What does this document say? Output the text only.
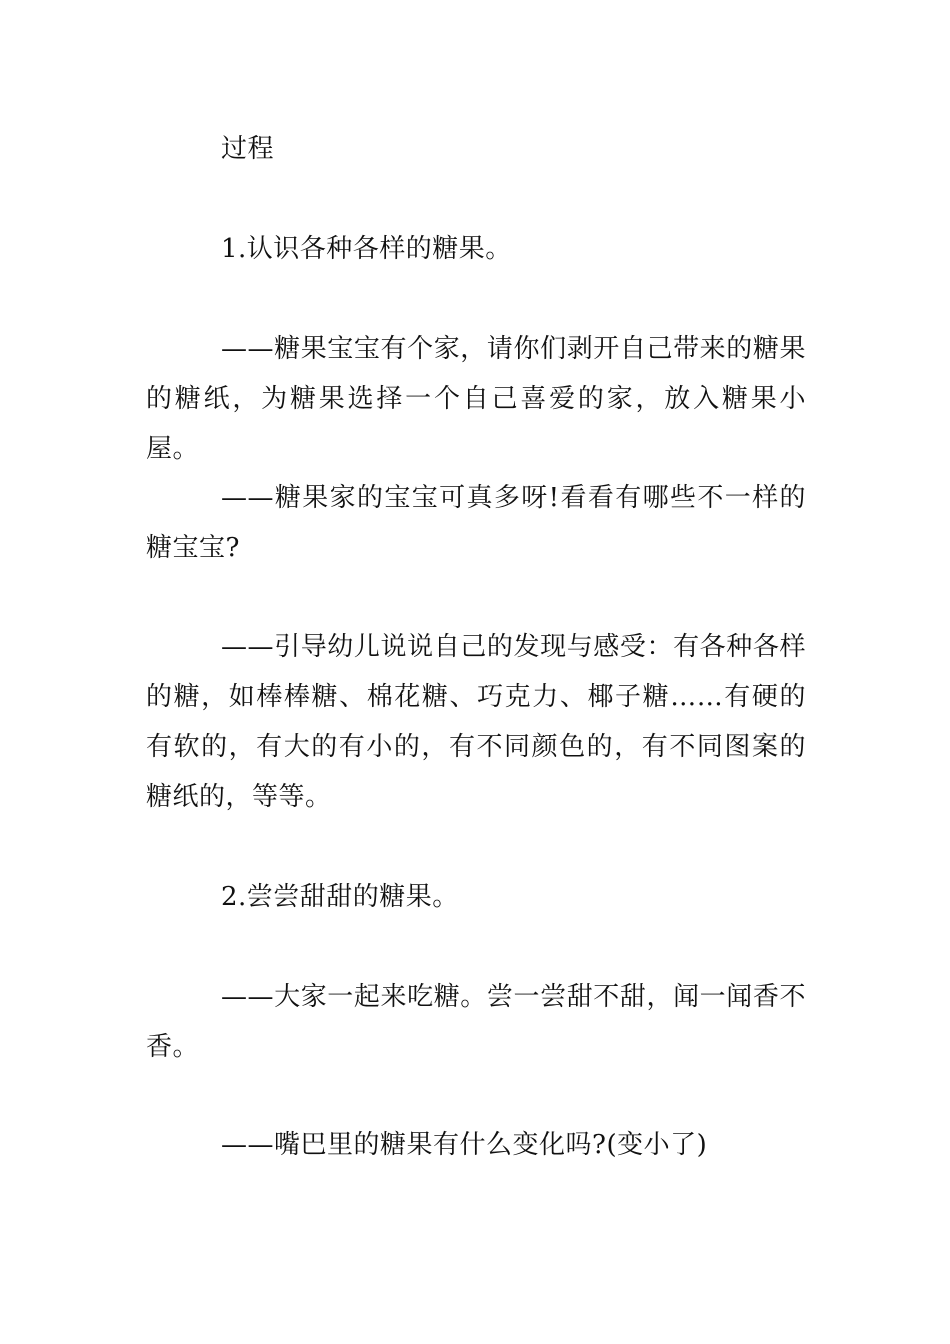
过程

1.认识各种各样的糖果。

——糖果宝宝有个家，请你们剥开自己带来的糖果的糖纸，为糖果选择一个自己喜爱的家，放入糖果小屋。

——糖果家的宝宝可真多呀!看看有哪些不一样的糖宝宝?

——引导幼儿说说自己的发现与感受：有各种各样的糖，如棒棒糖、棉花糖、巧克力、椰子糖……有硬的有软的，有大的有小的，有不同颜色的，有不同图案的糖纸的，等等。

2.尝尝甜甜的糖果。

——大家一起来吃糖。尝一尝甜不甜，闻一闻香不香。

——嘴巴里的糖果有什么变化吗?(变小了)
